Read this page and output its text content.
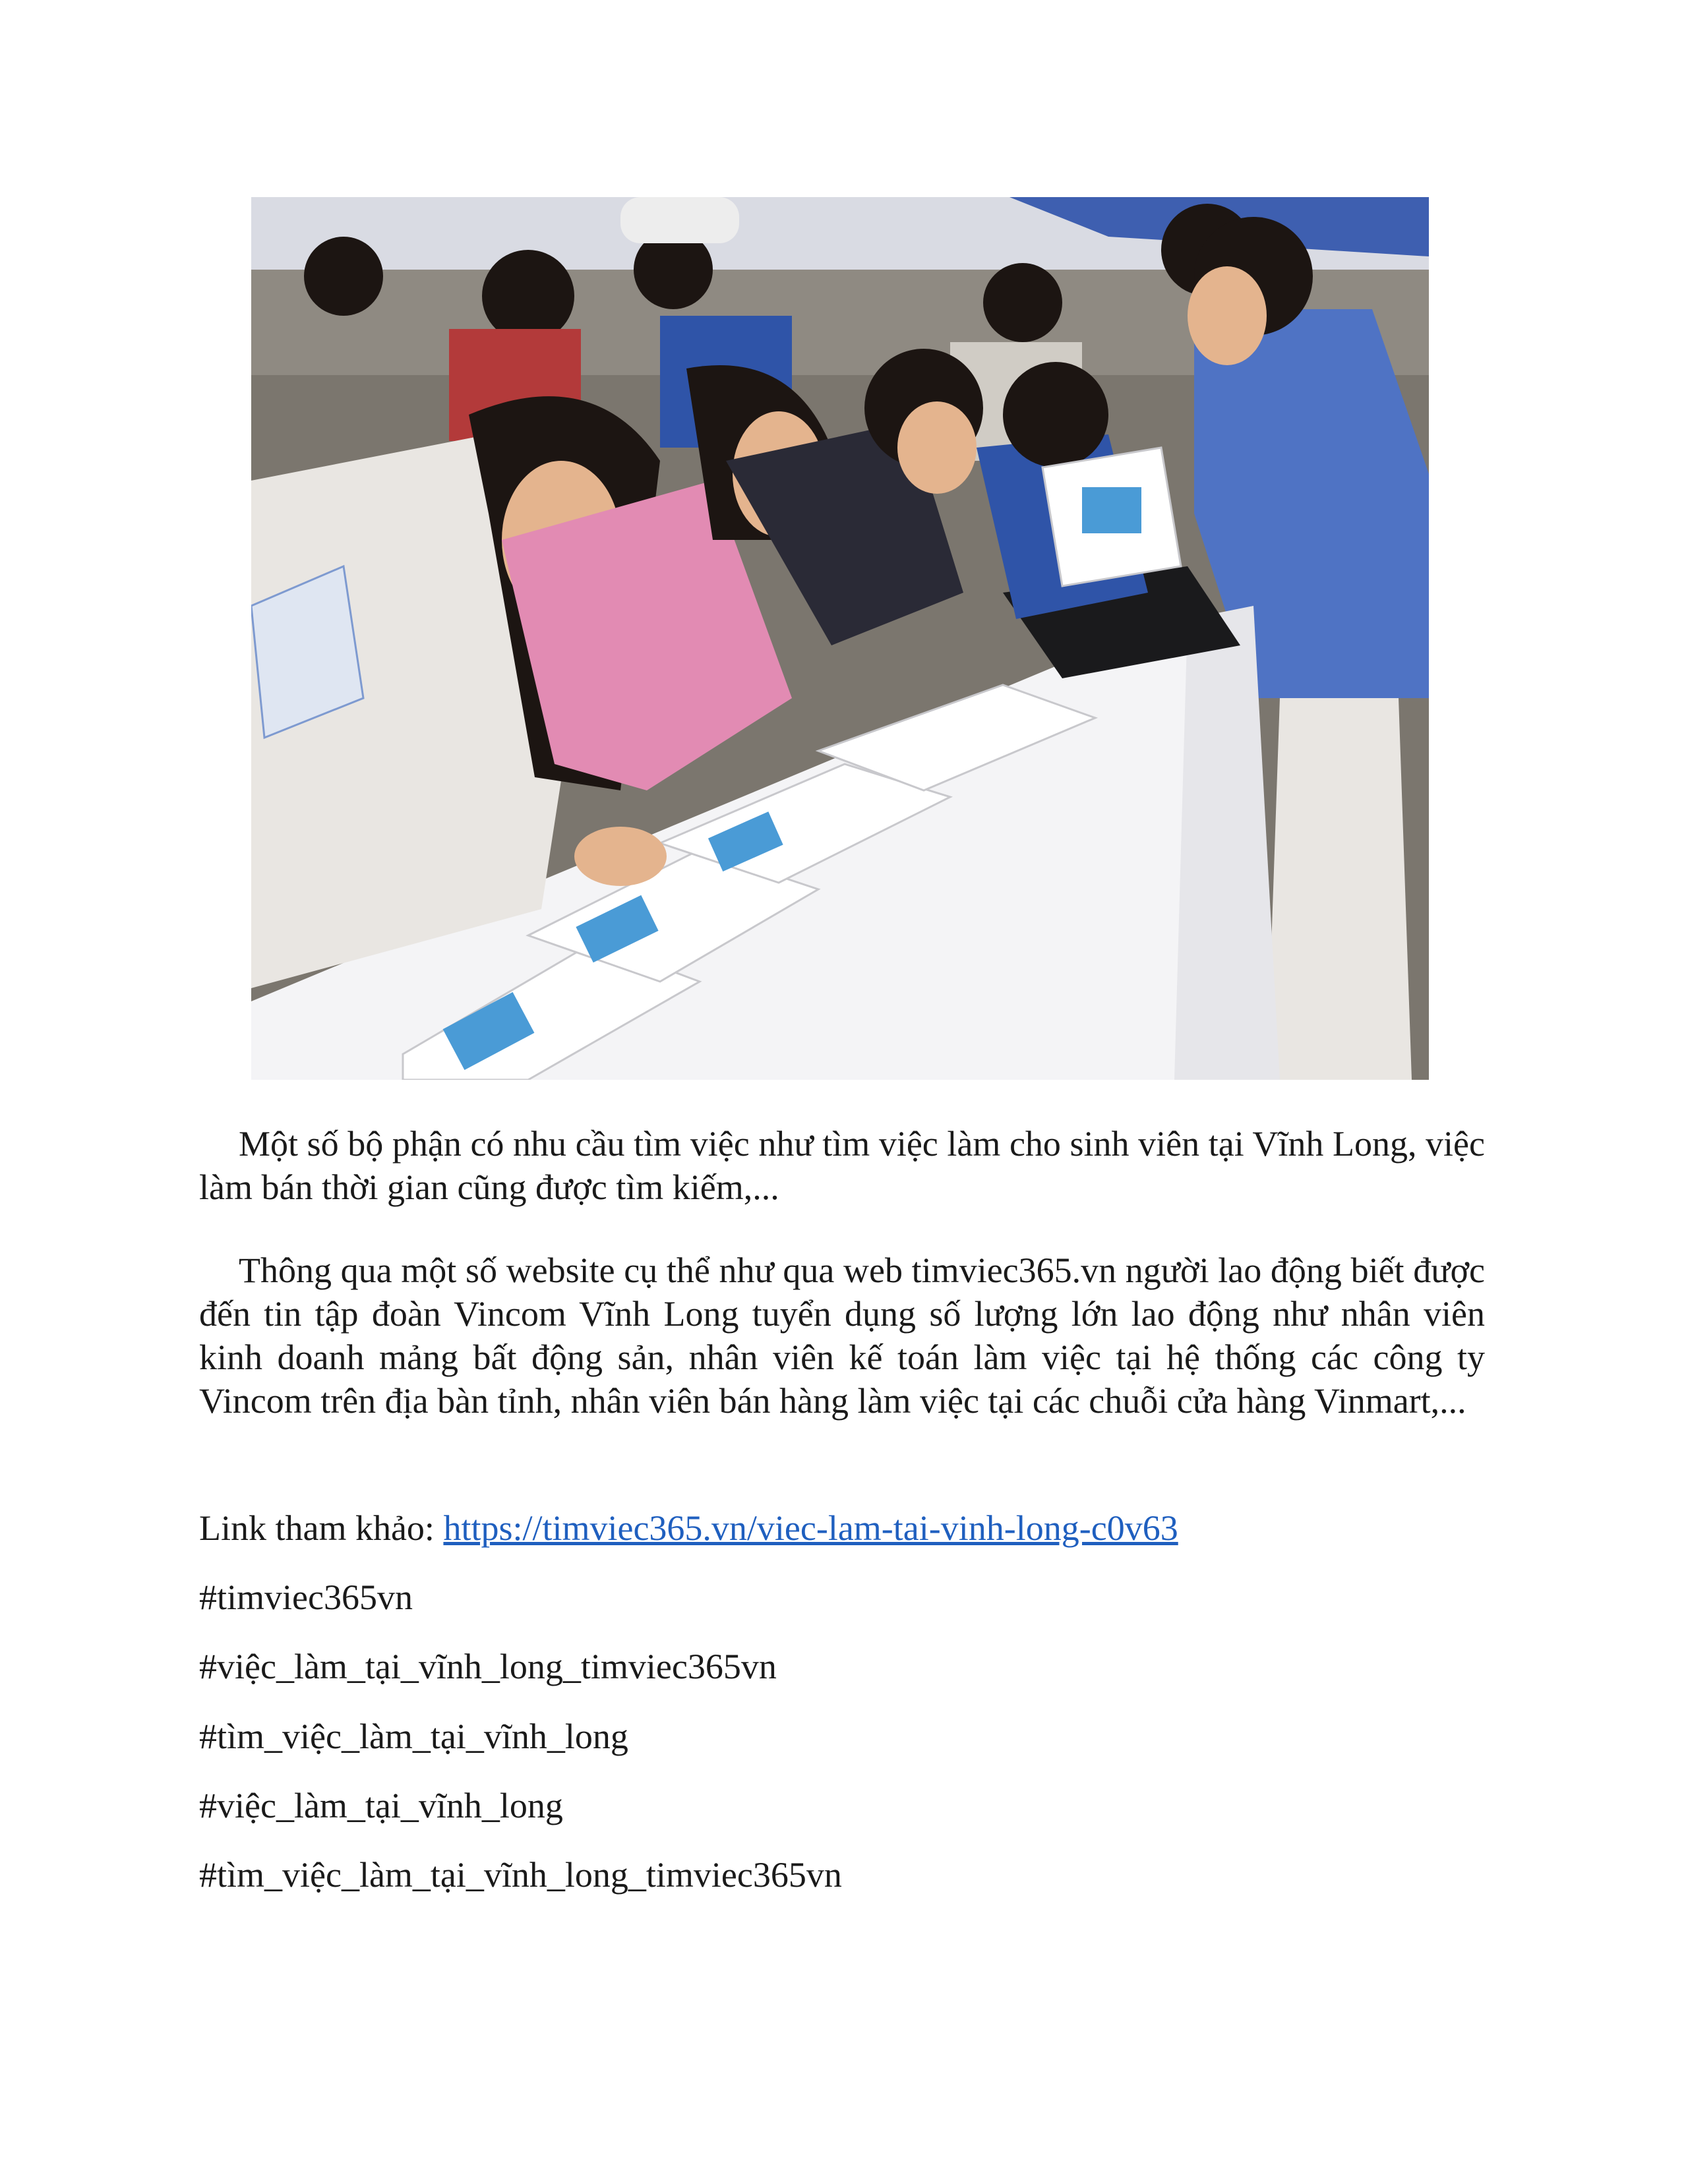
Một số bộ phận có nhu cầu tìm việc như tìm việc làm cho sinh viên tại Vĩnh Long, việc làm bán thời gian cũng được tìm kiếm,...

Thông qua một số website cụ thể như qua web timviec365.vn người lao động biết được đến tin tập đoàn Vincom Vĩnh Long tuyển dụng số lượng lớn lao động như nhân viên kinh doanh mảng bất động sản, nhân viên kế toán làm việc tại hệ thống các công ty Vincom trên địa bàn tỉnh, nhân viên bán hàng làm việc tại các chuỗi cửa hàng Vinmart,...

Link tham khảo: https://timviec365.vn/viec-lam-tai-vinh-long-c0v63
#timviec365vn
#việc_làm_tại_vĩnh_long_timviec365vn
#tìm_việc_làm_tại_vĩnh_long
#việc_làm_tại_vĩnh_long
#tìm_việc_làm_tại_vĩnh_long_timviec365vn
